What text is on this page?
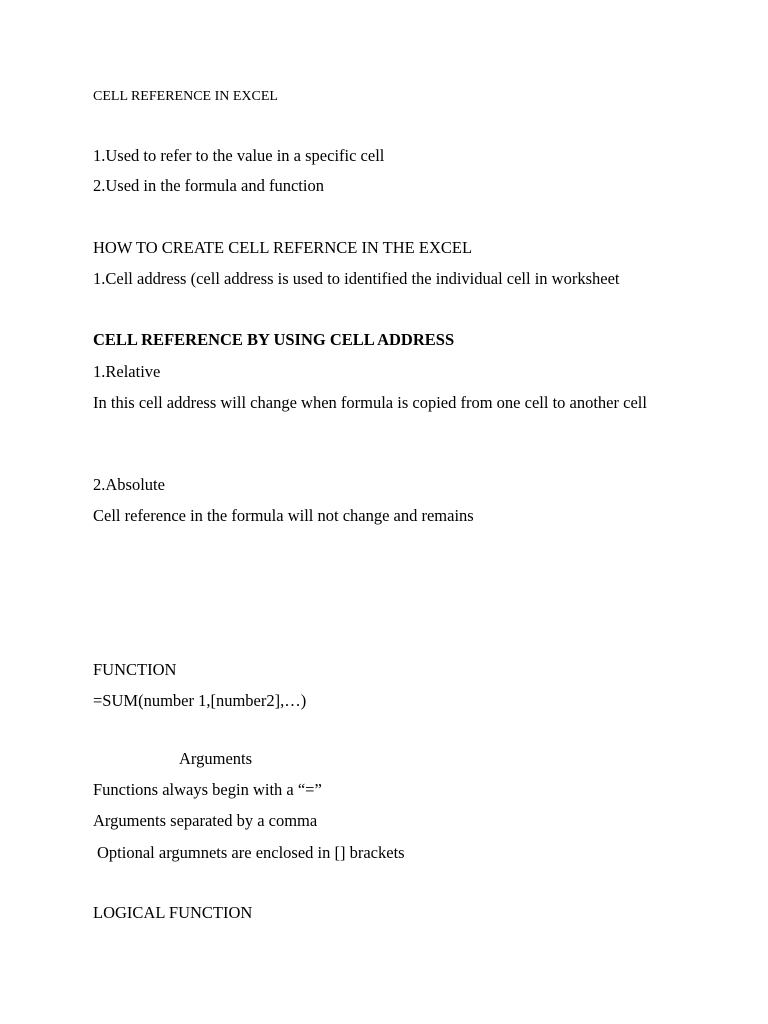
CELL REFERENCE IN EXCEL
1.Used to refer to the value in a specific cell
2.Used in the formula and function
HOW TO CREATE CELL REFERNCE IN THE EXCEL
1.Cell address (cell address is used to identified the individual cell in worksheet
CELL REFERENCE BY USING CELL ADDRESS
1.Relative
In this cell address will change when formula is copied from one cell to another cell
2.Absolute
Cell reference in the formula will not change and remains
FUNCTION
=SUM(number 1,[number2],…)
Arguments
Functions always begin with a “=”
Arguments separated by a comma
Optional argumnets are enclosed in [] brackets
LOGICAL FUNCTION
